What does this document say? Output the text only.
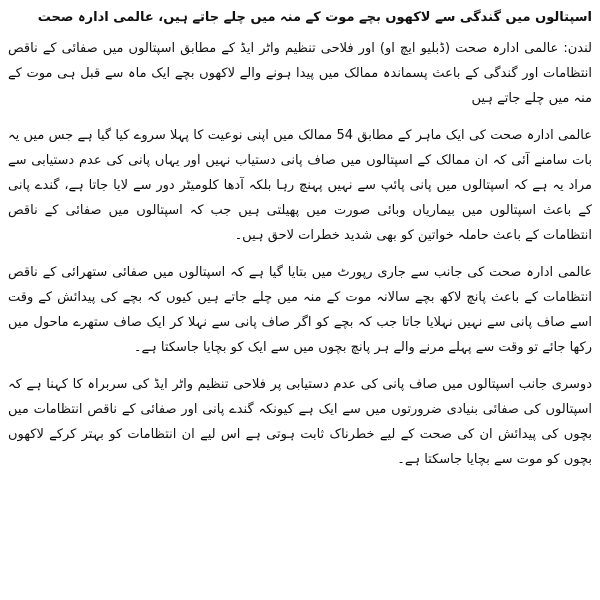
اسپتالوں میں گندگی سے لاکھوں بچے موت کے منہ میں چلے جاتے ہیں، عالمی ادارہ صحت

لندن: عالمی ادارہ صحت (ڈبلیو ایچ او) اور فلاحی تنظیم واٹر ایڈ کے مطابق اسپتالوں میں صفائی کے ناقص انتظامات اور گندگی کے باعث پسماندہ ممالک میں پیدا ہونے والے لاکھوں بچے ایک ماہ سے قبل ہی موت کے منہ میں چلے جاتے ہیں

عالمی ادارہ صحت کی ایک ماہر کے مطابق 54 ممالک میں اپنی نوعیت کا پہلا سروے کیا گیا ہے جس میں یہ بات سامنے آئی کہ ان ممالک کے اسپتالوں میں صاف پانی دستیاب نہیں اور یہاں پانی کی عدم دستیابی سے مراد یہ ہے کہ اسپتالوں میں پانی پائپ سے نہیں پہنچ رہا بلکہ آدھا کلومیٹر دور سے لایا جاتا ہے، گندے پانی کے باعث اسپتالوں میں بیماریاں وبائی صورت میں پھیلتی ہیں جب کہ اسپتالوں میں صفائی کے ناقص انتظامات کے باعث حاملہ خواتین کو بھی شدید خطرات لاحق ہیں۔

عالمی ادارہ صحت کی جانب سے جاری رپورٹ میں بتایا گیا ہے کہ اسپتالوں میں صفائی ستھرائی کے ناقص انتظامات کے باعث پانچ لاکھ بچے سالانہ موت کے منہ میں چلے جاتے ہیں کیوں کہ بچے کی پیدائش کے وقت اسے صاف پانی سے نہیں نہلایا جاتا جب کہ بچے کو اگر صاف پانی سے نہلا کر ایک صاف ستھرے ماحول میں رکھا جائے تو وقت سے پہلے مرنے والے ہر پانچ بچوں میں سے ایک کو بچایا جاسکتا ہے۔

دوسری جانب اسپتالوں میں صاف پانی کی عدم دستیابی پر فلاحی تنظیم واٹر ایڈ کی سربراہ کا کہنا ہے کہ اسپتالوں کی صفائی بنیادی ضرورتوں میں سے ایک ہے کیونکہ گندے پانی اور صفائی کے ناقص انتظامات میں بچوں کی پیدائش ان کی صحت کے لیے خطرناک ثابت ہوتی ہے اس لیے ان انتظامات کو بہتر کرکے لاکھوں بچوں کو موت سے بچایا جاسکتا ہے۔
